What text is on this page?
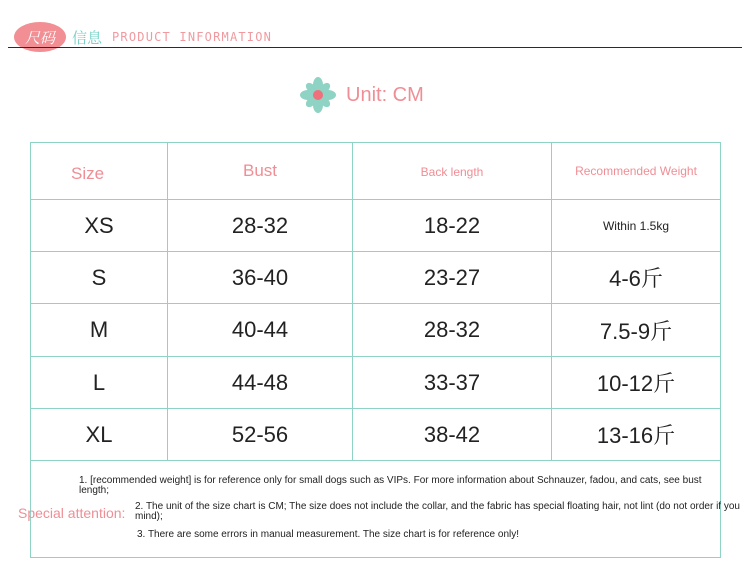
尺码	信息 PRODUCT INFORMATION
Unit: CM
Size	Bust	Back length	Recommended Weight
XS	28-32	18-22	Within 1.5kg
S	36-40	23-27	4-6斤
M	40-44	28-32	7.5-9斤
L	44-48	33-37	10-12斤
XL	52-56	38-42	13-16斤
Special attention:
1. [recommended weight] is for reference only for small dogs such as VIPs. For more information about Schnauzer, fadou, and cats, see bust length;
2. The unit of the size chart is CM; The size does not include the collar, and the fabric has special floating hair, not lint (do not order if you mind);
3. There are some errors in manual measurement. The size chart is for reference only!
